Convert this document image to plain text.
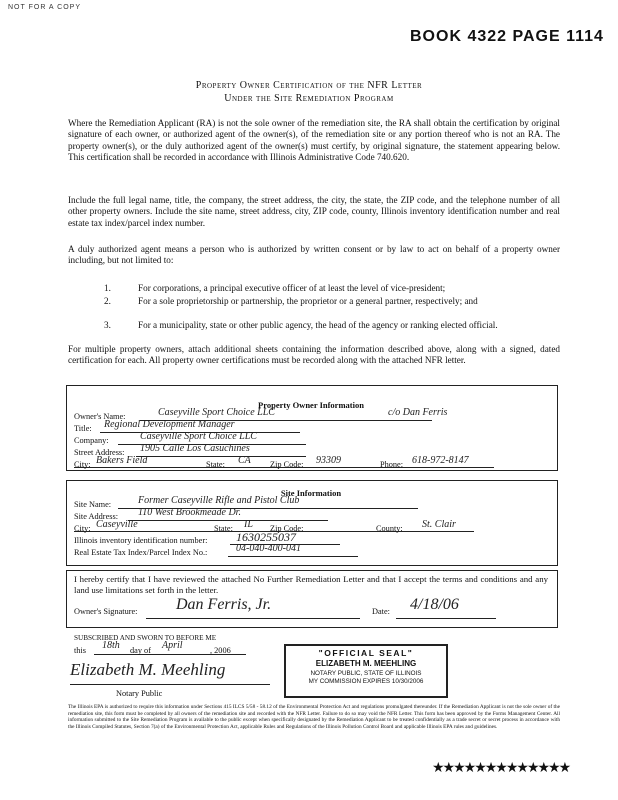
NOT FOR A COPY
BOOK 4322 PAGE 1114
Property Owner Certification of the NFR Letter
Under the Site Remediation Program
Where the Remediation Applicant (RA) is not the sole owner of the remediation site, the RA shall obtain the certification by original signature of each owner, or authorized agent of the owner(s), of the remediation site or any portion thereof who is not an RA. The property owner(s), or the duly authorized agent of the owner(s) must certify, by original signature, the statement appearing below. This certification shall be recorded in accordance with Illinois Administrative Code 740.620.
Include the full legal name, title, the company, the street address, the city, the state, the ZIP code, and the telephone number of all other property owners. Include the site name, street address, city, ZIP code, county, Illinois inventory identification number and real estate tax index/parcel index number.
A duly authorized agent means a person who is authorized by written consent or by law to act on behalf of a property owner including, but not limited to:
1.	For corporations, a principal executive officer of at least the level of vice-president;
2.	For a sole proprietorship or partnership, the proprietor or a general partner, respectively; and
3.	For a municipality, state or other public agency, the head of the agency or ranking elected official.
For multiple property owners, attach additional sheets containing the information described above, along with a signed, dated certification for each. All property owner certifications must be recorded along with the attached NFR letter.
Property Owner Information
Owner's Name:	Caseyville Sport Choice LLC	c/o Dan Ferris
Title: Regional Development Manager
Company:	Caseyville Sport Choice LLC
Street Address: 1905 Calle Los Casuchines
City: Bakers Field	State: CA Zip Code: 93309	Phone: 618-972-8147
Site Information
Site Name:	Former Caseyville Rifle and Pistol Club
Site Address: 110 West Brookmeade Dr.
City: Caseyville	State: IL Zip Code:	County: St. Clair
Illinois inventory identification number: 1630255037
Real Estate Tax Index/Parcel Index No.:	04-040-400-041
I hereby certify that I have reviewed the attached No Further Remediation Letter and that I accept the terms and conditions and any land use limitations set forth in the letter.
Owner's Signature: Dan Ferris, Jr.	Date: 4/18/06
SUBSCRIBED AND SWORN TO BEFORE ME
this 18th day of April	, 2006
Elizabeth M. Meehling
Notary Public
"OFFICIAL SEAL"
ELIZABETH M. MEEHLING
NOTARY PUBLIC, STATE OF ILLINOIS
MY COMMISSION EXPIRES 10/30/2006
The Illinois EPA is authorized to require this information under Sections 415 ILCS 5/58 - 58.12 of the Environmental Protection Act and regulations promulgated thereunder. If the Remediation Applicant is not the sole owner of the remediation site, this form must be completed by all owners of the remediation site and recorded with the NFR Letter. Failure to do so may void the NFR Letter. This form has been approved by the Forms Management Center. All information submitted to the Site Remediation Program is available to the public except when specifically designated by the Remediation Applicant to be treated confidentially as a trade secret or secret process in accordance with the Illinois Compiled Statutes, Section 7(a) of the Environmental Protection Act, applicable Rules and Regulations of the Illinois Pollution Control Board and applicable Illinois EPA rules and guidelines.
★★★★★★★★★★★★★
